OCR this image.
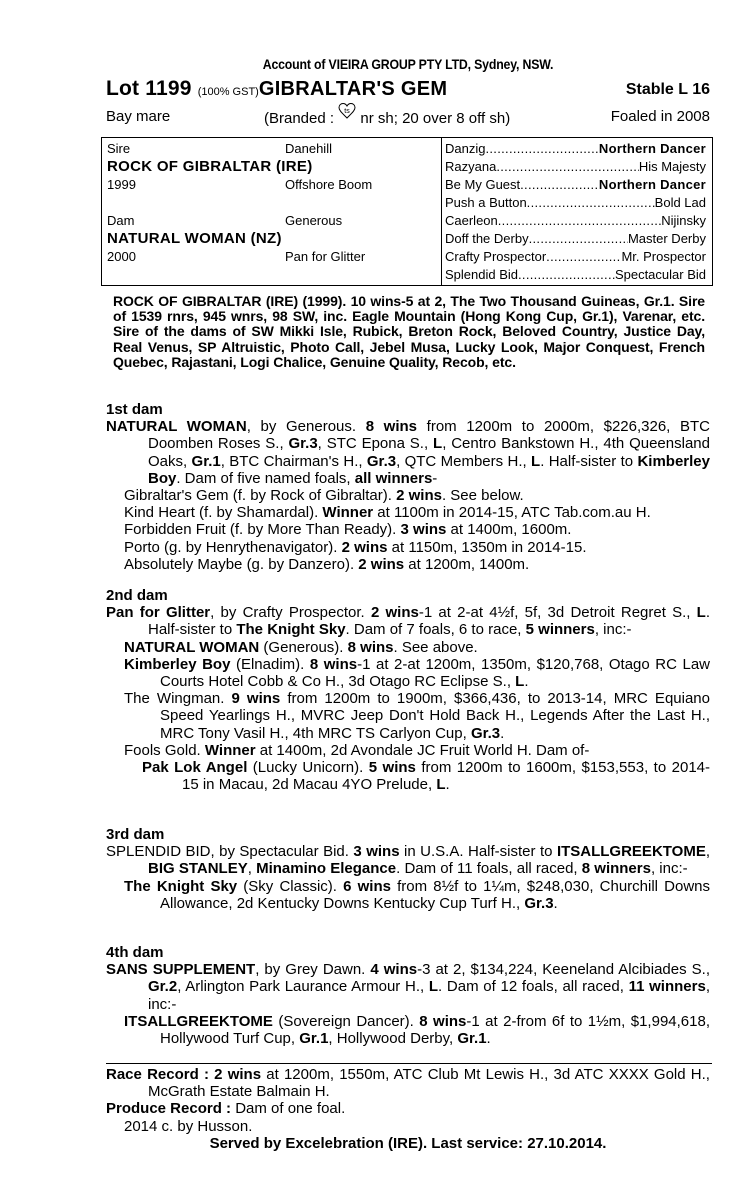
Account of VIEIRA GROUP PTY LTD, Sydney, NSW.
Lot 1199 (100% GST)GIBRALTAR'S GEM	Stable L 16
Bay mare	(Branded : ts nr sh; 20 over 8 off sh)	Foaled in 2008
Sire	Danehill
ROCK OF GIBRALTAR (IRE)
1999	Offshore Boom
Dam	Generous
NATURAL WOMAN (NZ)
2000	Pan for Glitter
Danzig .....	Northern Dancer
Razyana .....	His Majesty
Be My Guest .....	Northern Dancer
Push a Button .....	Bold Lad
Caerleon .....	Nijinsky
Doff the Derby .....	Master Derby
Crafty Prospector .....	Mr. Prospector
Splendid Bid .....	Spectacular Bid
ROCK OF GIBRALTAR (IRE) (1999). 10 wins-5 at 2, The Two Thousand Guineas, Gr.1. Sire of 1539 rnrs, 945 wnrs, 98 SW, inc. Eagle Mountain (Hong Kong Cup, Gr.1), Varenar, etc. Sire of the dams of SW Mikki Isle, Rubick, Breton Rock, Beloved Country, Justice Day, Real Venus, SP Altruistic, Photo Call, Jebel Musa, Lucky Look, Major Conquest, French Quebec, Rajastani, Logi Chalice, Genuine Quality, Recob, etc.
1st dam
NATURAL WOMAN, by Generous. 8 wins from 1200m to 2000m, $226,326, BTC Doomben Roses S., Gr.3, STC Epona S., L, Centro Bankstown H., 4th Queensland Oaks, Gr.1, BTC Chairman's H., Gr.3, QTC Members H., L. Half-sister to Kimberley Boy. Dam of five named foals, all winners-
Gibraltar's Gem (f. by Rock of Gibraltar). 2 wins. See below.
Kind Heart (f. by Shamardal). Winner at 1100m in 2014-15, ATC Tab.com.au H.
Forbidden Fruit (f. by More Than Ready). 3 wins at 1400m, 1600m.
Porto (g. by Henrythenavigator). 2 wins at 1150m, 1350m in 2014-15.
Absolutely Maybe (g. by Danzero). 2 wins at 1200m, 1400m.
2nd dam
Pan for Glitter, by Crafty Prospector. 2 wins-1 at 2-at 4½f, 5f, 3d Detroit Regret S., L. Half-sister to The Knight Sky. Dam of 7 foals, 6 to race, 5 winners, inc:-
NATURAL WOMAN (Generous). 8 wins. See above.
Kimberley Boy (Elnadim). 8 wins-1 at 2-at 1200m, 1350m, $120,768, Otago RC Law Courts Hotel Cobb & Co H., 3d Otago RC Eclipse S., L.
The Wingman. 9 wins from 1200m to 1900m, $366,436, to 2013-14, MRC Equiano Speed Yearlings H., MVRC Jeep Don't Hold Back H., Legends After the Last H., MRC Tony Vasil H., 4th MRC TS Carlyon Cup, Gr.3.
Fools Gold. Winner at 1400m, 2d Avondale JC Fruit World H. Dam of-
Pak Lok Angel (Lucky Unicorn). 5 wins from 1200m to 1600m, $153,553, to 2014-15 in Macau, 2d Macau 4YO Prelude, L.
3rd dam
SPLENDID BID, by Spectacular Bid. 3 wins in U.S.A. Half-sister to ITSALLGREEKTOME, BIG STANLEY, Minamino Elegance. Dam of 11 foals, all raced, 8 winners, inc:-
The Knight Sky (Sky Classic). 6 wins from 8½f to 1¼m, $248,030, Churchill Downs Allowance, 2d Kentucky Downs Kentucky Cup Turf H., Gr.3.
4th dam
SANS SUPPLEMENT, by Grey Dawn. 4 wins-3 at 2, $134,224, Keeneland Alcibiades S., Gr.2, Arlington Park Laurance Armour H., L. Dam of 12 foals, all raced, 11 winners, inc:-
ITSALLGREEKTOME (Sovereign Dancer). 8 wins-1 at 2-from 6f to 1½m, $1,994,618, Hollywood Turf Cup, Gr.1, Hollywood Derby, Gr.1.
Race Record : 2 wins at 1200m, 1550m, ATC Club Mt Lewis H., 3d ATC XXXX Gold H., McGrath Estate Balmain H.
Produce Record : Dam of one foal.
2014 c. by Husson.
Served by Excelebration (IRE). Last service: 27.10.2014.
